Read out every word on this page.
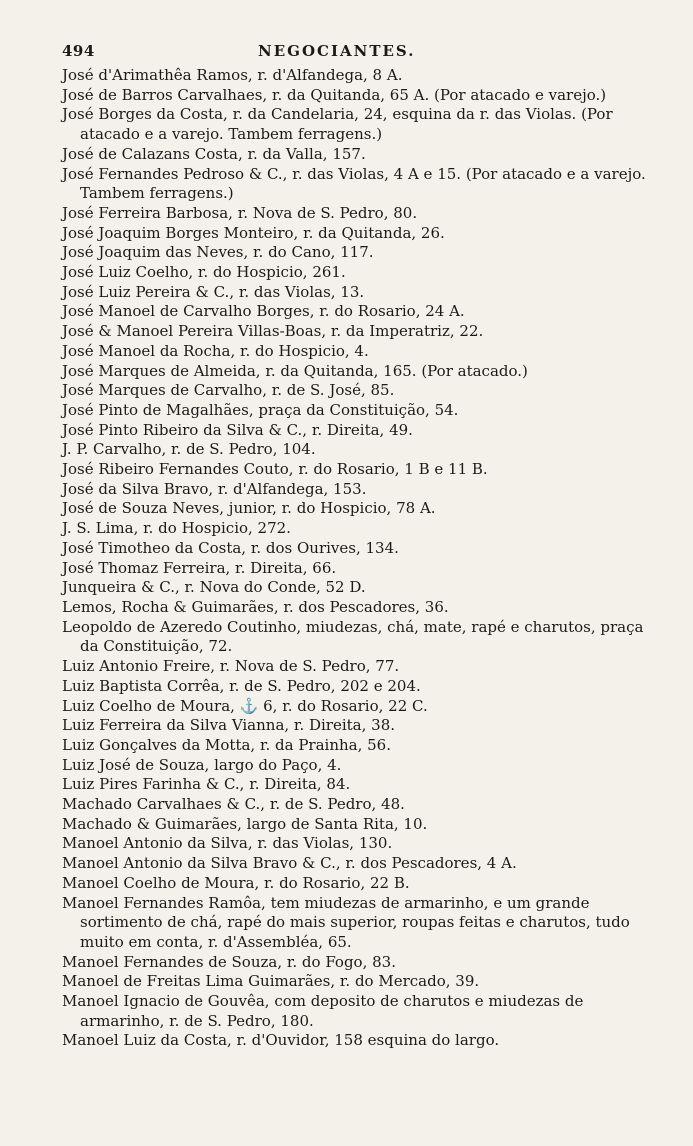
494	NEGOCIANTES.
José d'Arimathêa Ramos, r. d'Alfandega, 8 A.
José de Barros Carvalhaes, r. da Quitanda, 65 A. (Por atacado e varejo.)
José Borges da Costa, r. da Candelaria, 24, esquina da r. das Violas. (Por atacado e a varejo. Tambem ferragens.)
José de Calazans Costa, r. da Valla, 157.
José Fernandes Pedroso & C., r. das Violas, 4 A e 15. (Por atacado e a varejo. Tambem ferragens.)
José Ferreira Barbosa, r. Nova de S. Pedro, 80.
José Joaquim Borges Monteiro, r. da Quitanda, 26.
José Joaquim das Neves, r. do Cano, 117.
José Luiz Coelho, r. do Hospicio, 261.
José Luiz Pereira & C., r. das Violas, 13.
José Manoel de Carvalho Borges, r. do Rosario, 24 A.
José & Manoel Pereira Villas-Boas, r. da Imperatriz, 22.
José Manoel da Rocha, r. do Hospicio, 4.
José Marques de Almeida, r. da Quitanda, 165. (Por atacado.)
José Marques de Carvalho, r. de S. José, 85.
José Pinto de Magalhães, praça da Constituição, 54.
José Pinto Ribeiro da Silva & C., r. Direita, 49.
J. P. Carvalho, r. de S. Pedro, 104.
José Ribeiro Fernandes Couto, r. do Rosario, 1 B e 11 B.
José da Silva Bravo, r. d'Alfandega, 153.
José de Souza Neves, junior, r. do Hospicio, 78 A.
J. S. Lima, r. do Hospicio, 272.
José Timotheo da Costa, r. dos Ourives, 134.
José Thomaz Ferreira, r. Direita, 66.
Junqueira & C., r. Nova do Conde, 52 D.
Lemos, Rocha & Guimarães, r. dos Pescadores, 36.
Leopoldo de Azeredo Coutinho, miudezas, chá, mate, rapé e charutos, praça da Constituição, 72.
Luiz Antonio Freire, r. Nova de S. Pedro, 77.
Luiz Baptista Corrêa, r. de S. Pedro, 202 e 204.
Luiz Coelho de Moura, ⚓ 6, r. do Rosario, 22 C.
Luiz Ferreira da Silva Vianna, r. Direita, 38.
Luiz Gonçalves da Motta, r. da Prainha, 56.
Luiz José de Souza, largo do Paço, 4.
Luiz Pires Farinha & C., r. Direita, 84.
Machado Carvalhaes & C., r. de S. Pedro, 48.
Machado & Guimarães, largo de Santa Rita, 10.
Manoel Antonio da Silva, r. das Violas, 130.
Manoel Antonio da Silva Bravo & C., r. dos Pescadores, 4 A.
Manoel Coelho de Moura, r. do Rosario, 22 B.
Manoel Fernandes Ramôa, tem miudezas de armarinho, e um grande sortimento de chá, rapé do mais superior, roupas feitas e charutos, tudo muito em conta, r. d'Assembléa, 65.
Manoel Fernandes de Souza, r. do Fogo, 83.
Manoel de Freitas Lima Guimarães, r. do Mercado, 39.
Manoel Ignacio de Gouvêa, com deposito de charutos e miudezas de armarinho, r. de S. Pedro, 180.
Manoel Luiz da Costa, r. d'Ouvidor, 158 esquina do largo.
